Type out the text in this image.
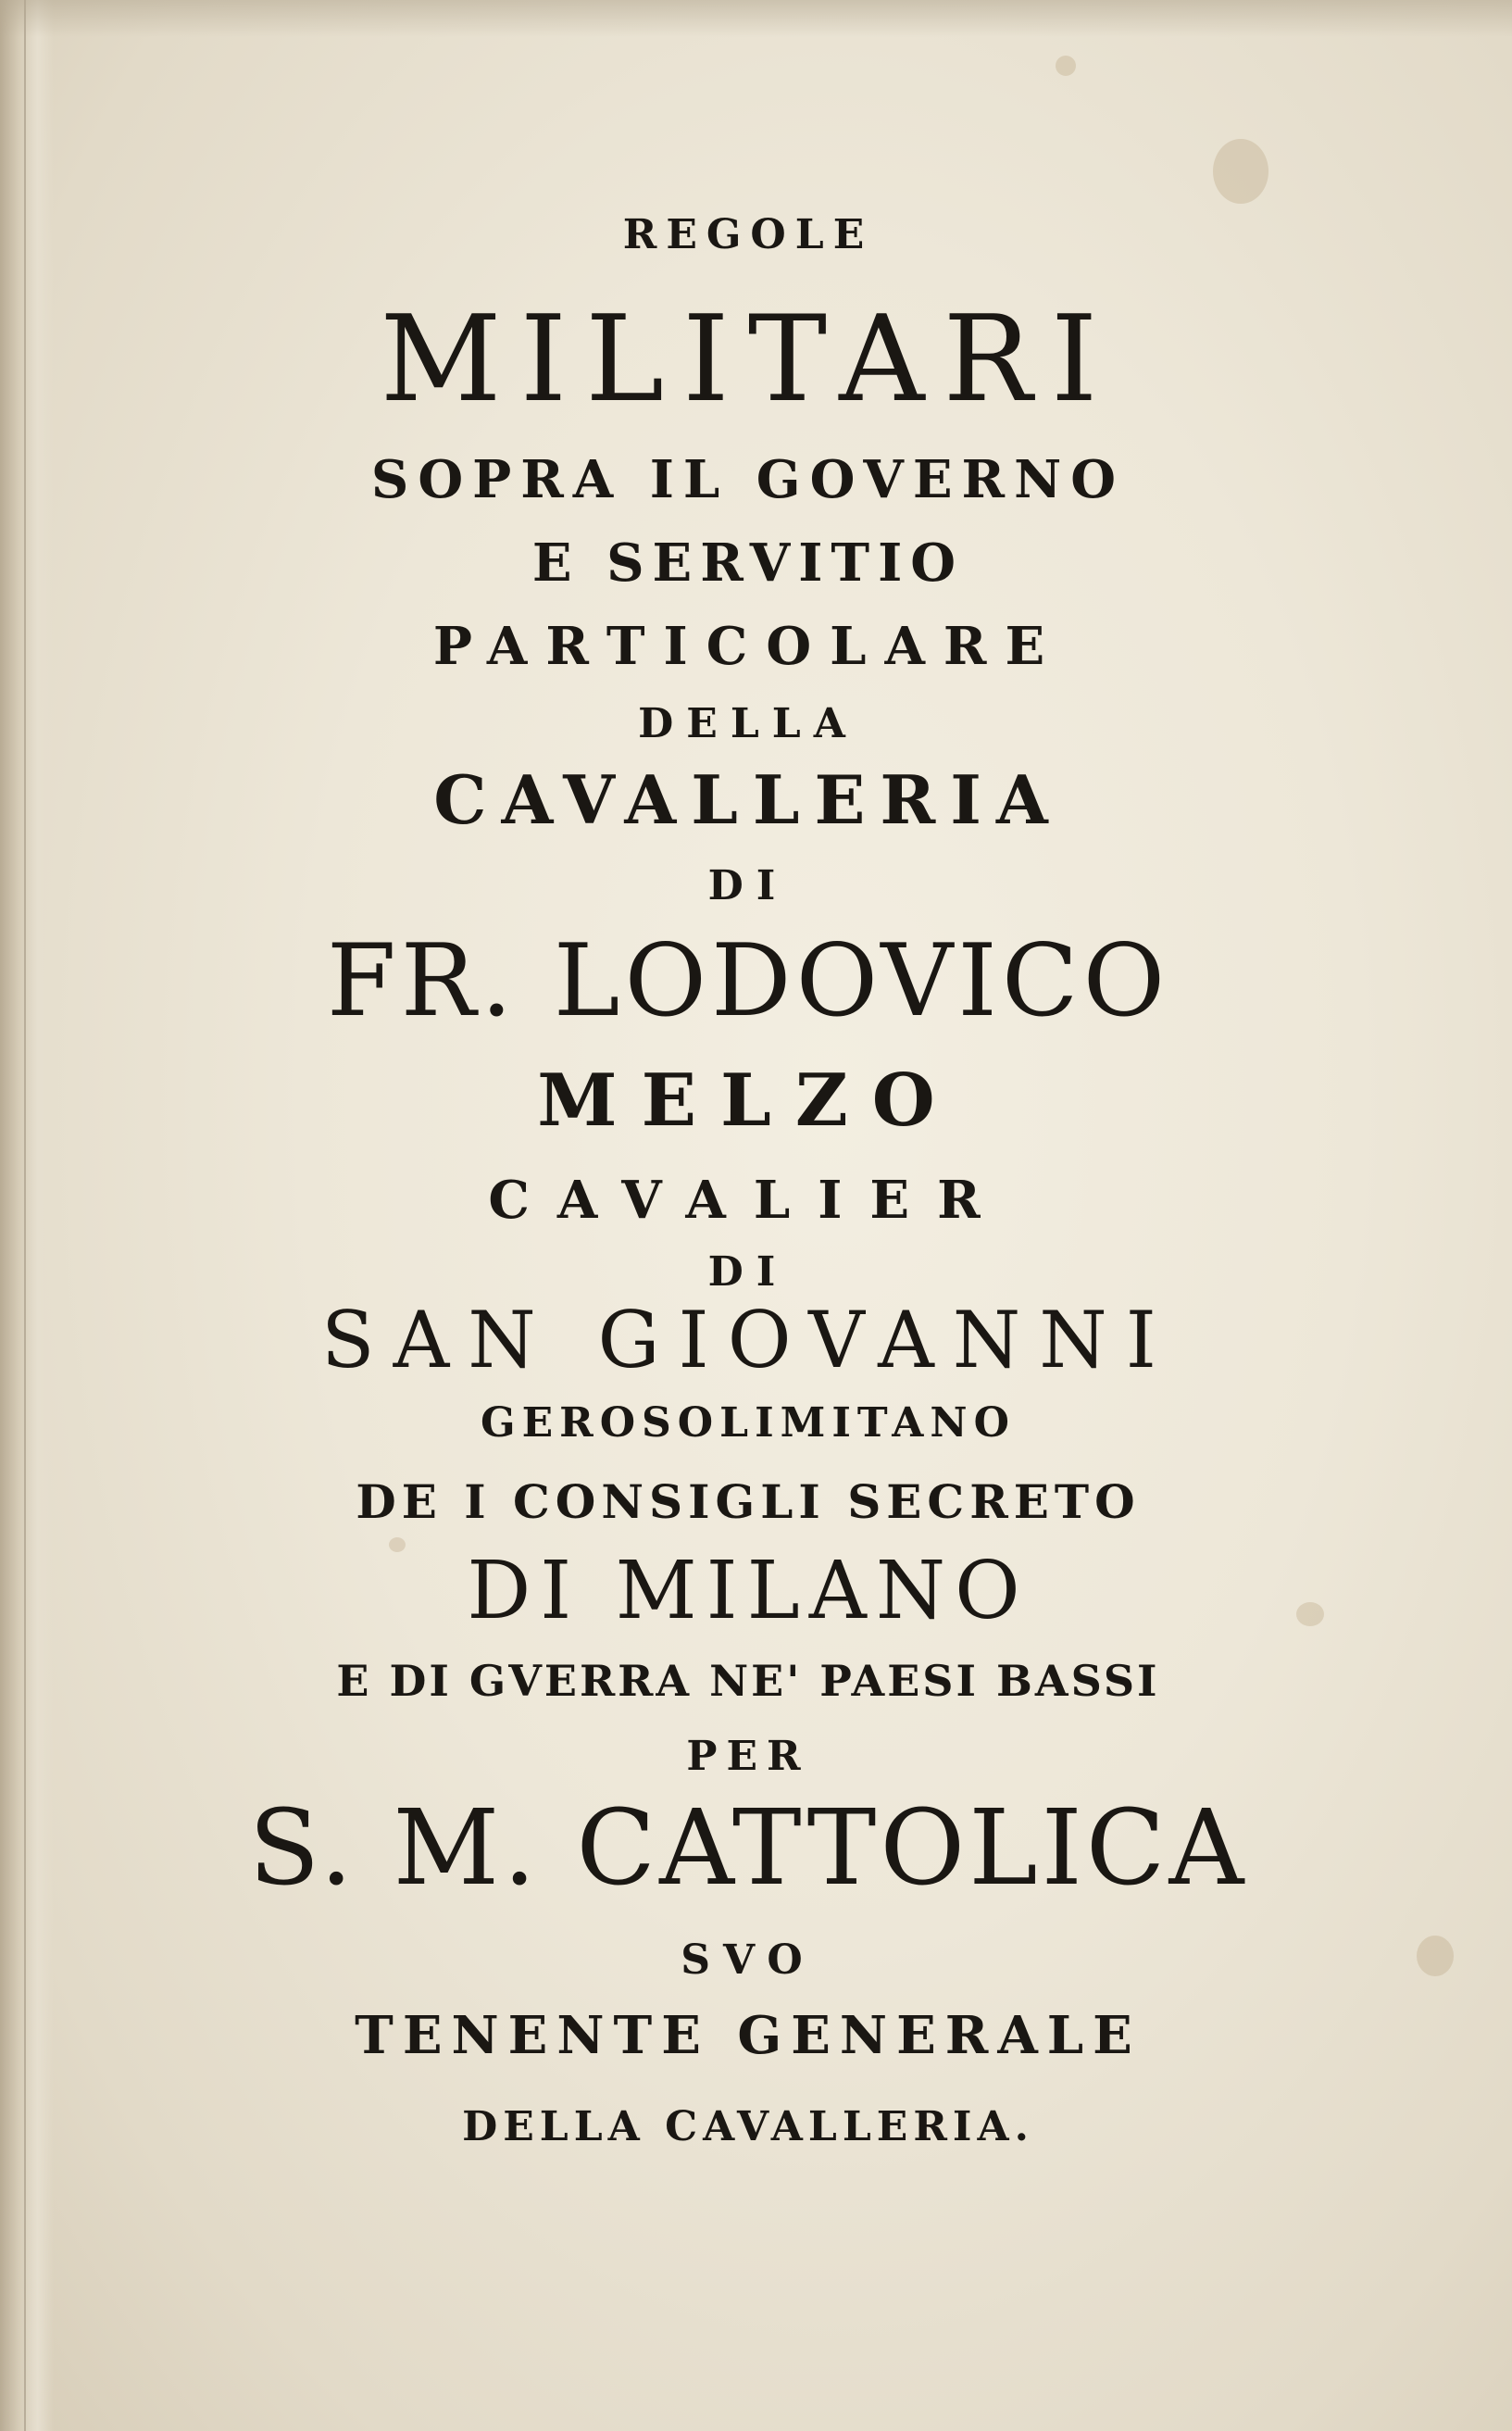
REGOLE
MILITARI
SOPRA IL GOVERNO
E SERVITIO
PARTICOLARE
DELLA
CAVALLERIA
DI
FR. LODOVICO
MELZO
CAVALIER
DI
SAN GIOVANNI
GEROSOLIMITANO
DE I CONSIGLI SECRETO
DI MILANO
E DI GVERRA NE' PAESI BASSI
PER
S. M. CATTOLICA
SVO
TENENTE GENERALE
DELLA CAVALLERIA.
